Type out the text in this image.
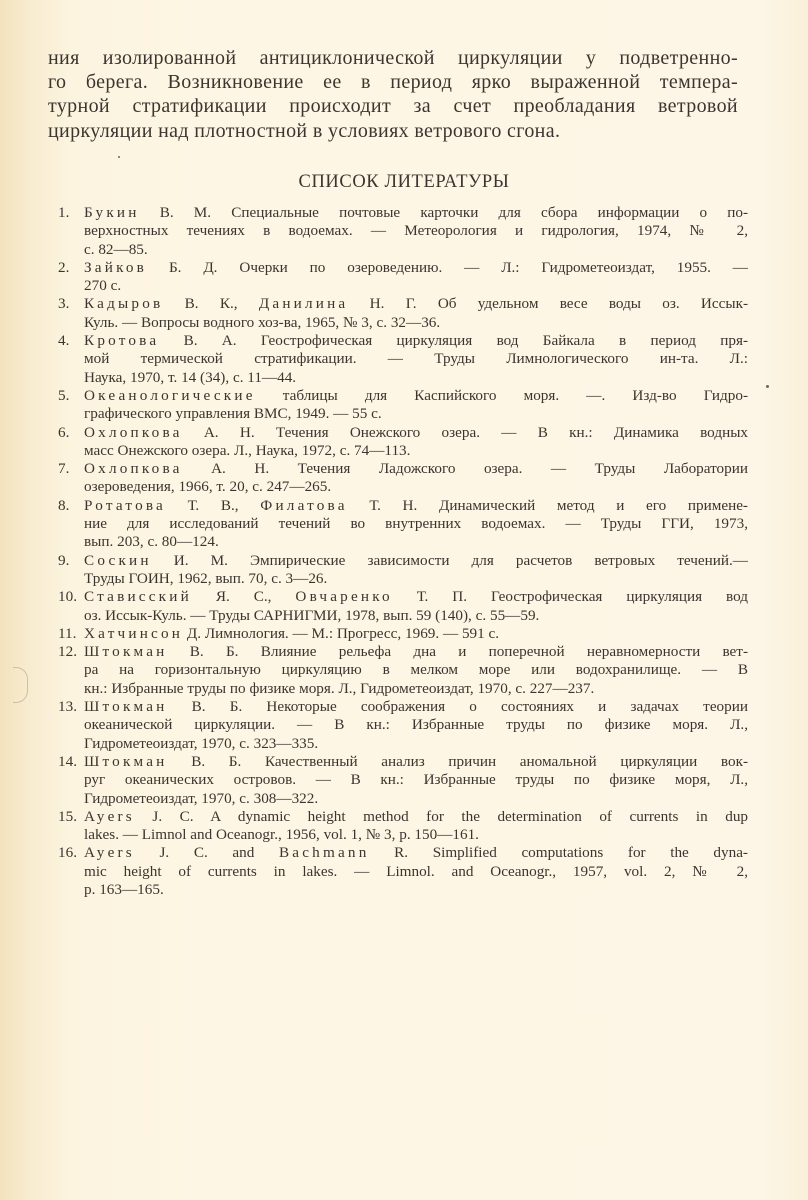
ния изолированной антициклонической циркуляции у подветренно-
го берега. Возникновение ее в период ярко выраженной темпера-
турной стратификации происходит за счет преобладания ветровой
циркуляции над плотностной в условиях ветрового сгона.
СПИСОК ЛИТЕРАТУРЫ
1. Букин В. М. Специальные почтовые карточки для сбора информации о по-
верхностных течениях в водоемах. — Метеорология и гидрология, 1974, № 2,
с. 82—85.
2. Зайков Б. Д. Очерки по озероведению. — Л.: Гидрометеоиздат, 1955. —
270 с.
3. Кадыров В. К., Данилина Н. Г. Об удельном весе воды оз. Иссык-
Куль. — Вопросы водного хоз-ва, 1965, № 3, с. 32—36.
4. Кротова В. А. Геострофическая циркуляция вод Байкала в период пря-
мой термической стратификации. — Труды Лимнологического ин-та. Л.:
Наука, 1970, т. 14 (34), с. 11—44.
5. Океанологические таблицы для Каспийского моря. —. Изд-во Гидро-
графического управления ВМС, 1949. — 55 с.
6. Охлопкова А. Н. Течения Онежского озера. — В кн.: Динамика водных
масс Онежского озера. Л., Наука, 1972, с. 74—113.
7. Охлопкова А. Н. Течения Ладожского озера. — Труды Лаборатории
озероведения, 1966, т. 20, с. 247—265.
8. Ротатова Т. В., Филатова Т. Н. Динамический метод и его примене-
ние для исследований течений во внутренних водоемах. — Труды ГГИ, 1973,
вып. 203, с. 80—124.
9. Соскин И. М. Эмпирические зависимости для расчетов ветровых течений.—
Труды ГОИН, 1962, вып. 70, с. 3—26.
10. Стависский Я. С., Овчаренко Т. П. Геострофическая циркуляция вод
оз. Иссык-Куль. — Труды САРНИГМИ, 1978, вып. 59 (140), с. 55—59.
11. Хатчинсон Д. Лимнология. — М.: Прогресс, 1969. — 591 с.
12. Штокман В. Б. Влияние рельефа дна и поперечной неравномерности вет-
ра на горизонтальную циркуляцию в мелком море или водохранилище. — В
кн.: Избранные труды по физике моря. Л., Гидрометеоиздат, 1970, с. 227—237.
13. Штокман В. Б. Некоторые соображения о состояниях и задачах теории
океанической циркуляции. — В кн.: Избранные труды по физике моря. Л.,
Гидрометеоиздат, 1970, с. 323—335.
14. Штокман В. Б. Качественный анализ причин аномальной циркуляции вок-
руг океанических островов. — В кн.: Избранные труды по физике моря, Л.,
Гидрометеоиздат, 1970, с. 308—322.
15. Ayers J. C. A dynamic height method for the determination of currents in dup
lakes. — Limnol and Oceanogr., 1956, vol. 1, № 3, p. 150—161.
16. Ayers J. C. and Bachmann R. Simplified computations for the dyna-
mic height of currents in lakes. — Limnol. and Oceanogr., 1957, vol. 2, № 2,
p. 163—165.
